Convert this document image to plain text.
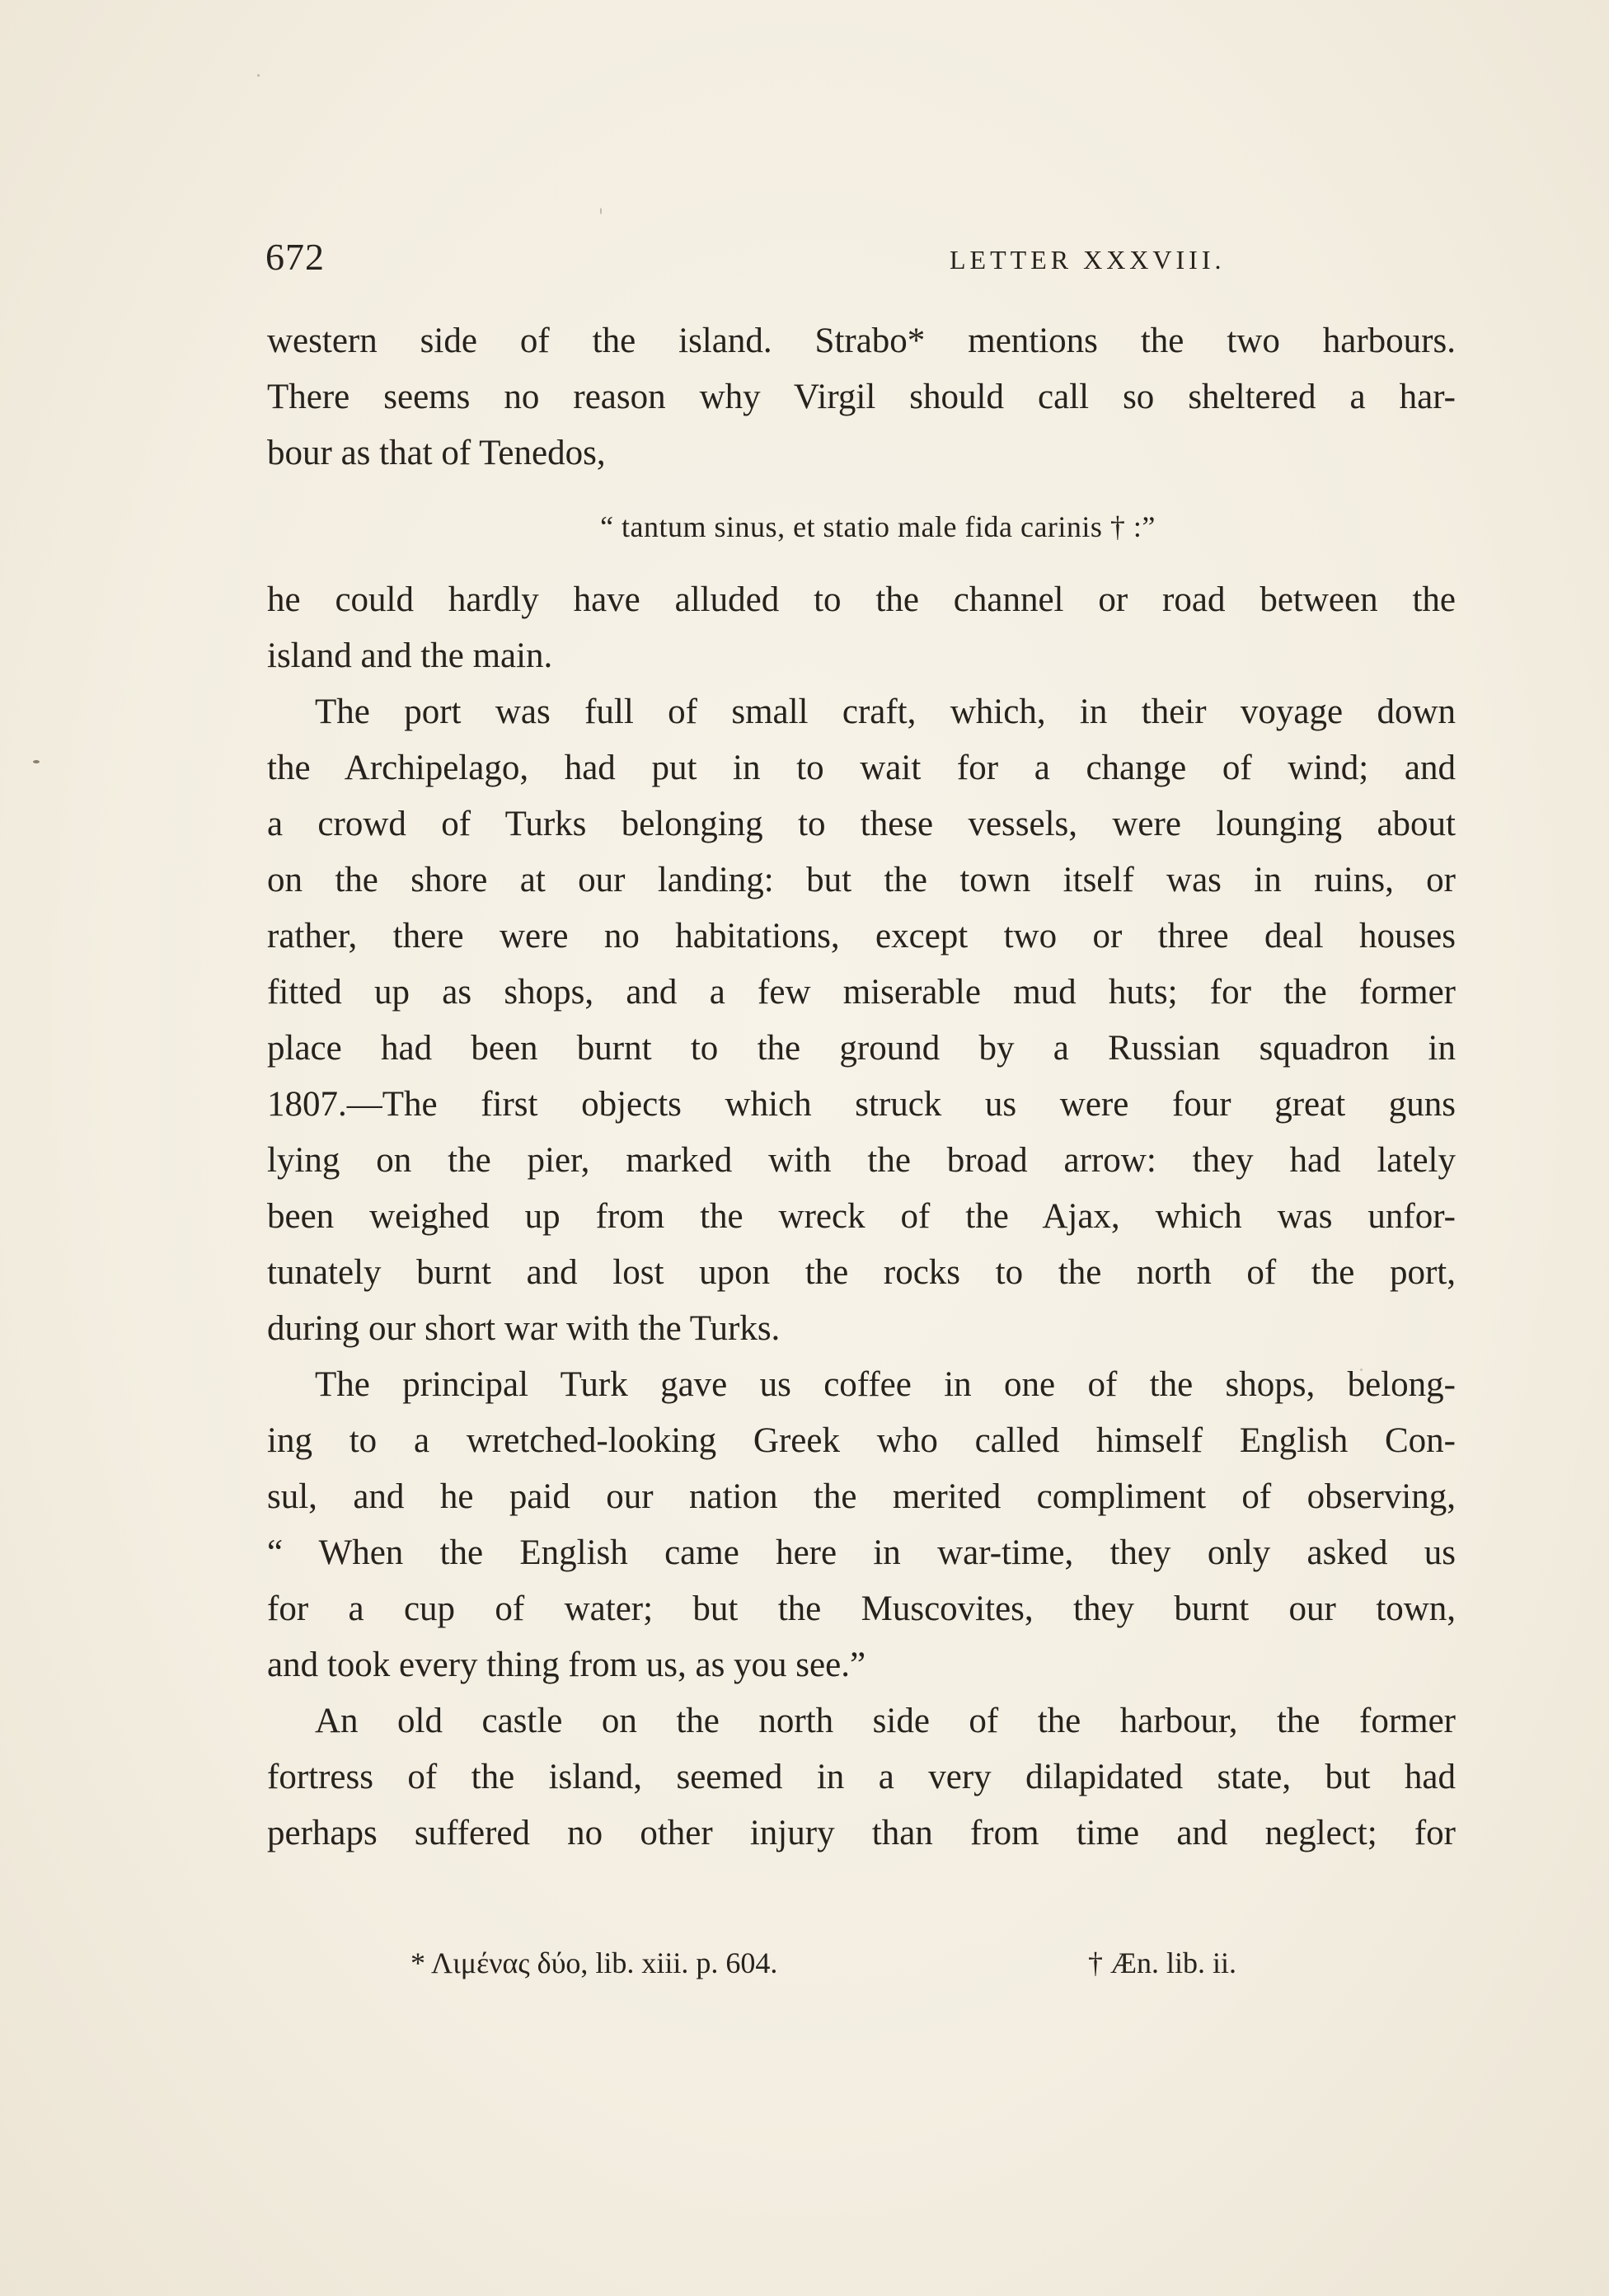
672	LETTER XXXVIII.
western side of the island. Strabo* mentions the two harbours.
There seems no reason why Virgil should call so sheltered a har-
bour as that of Tenedos,
“ tantum sinus, et statio male fida carinis † :”
he could hardly have alluded to the channel or road between the
island and the main.
The port was full of small craft, which, in their voyage down
the Archipelago, had put in to wait for a change of wind; and
a crowd of Turks belonging to these vessels, were lounging about
on the shore at our landing: but the town itself was in ruins, or
rather, there were no habitations, except two or three deal houses
fitted up as shops, and a few miserable mud huts; for the former
place had been burnt to the ground by a Russian squadron in
1807.—The first objects which struck us were four great guns
lying on the pier, marked with the broad arrow: they had lately
been weighed up from the wreck of the Ajax, which was unfor-
tunately burnt and lost upon the rocks to the north of the port,
during our short war with the Turks.
The principal Turk gave us coffee in one of the shops, belong-
ing to a wretched-looking Greek who called himself English Con-
sul, and he paid our nation the merited compliment of observing,
“ When the English came here in war-time, they only asked us
for a cup of water; but the Muscovites, they burnt our town,
and took every thing from us, as you see.”
An old castle on the north side of the harbour, the former
fortress of the island, seemed in a very dilapidated state, but had
perhaps suffered no other injury than from time and neglect; for
* Λιμένας δύο, lib. xiii. p. 604.	† Æn. lib. ii.
